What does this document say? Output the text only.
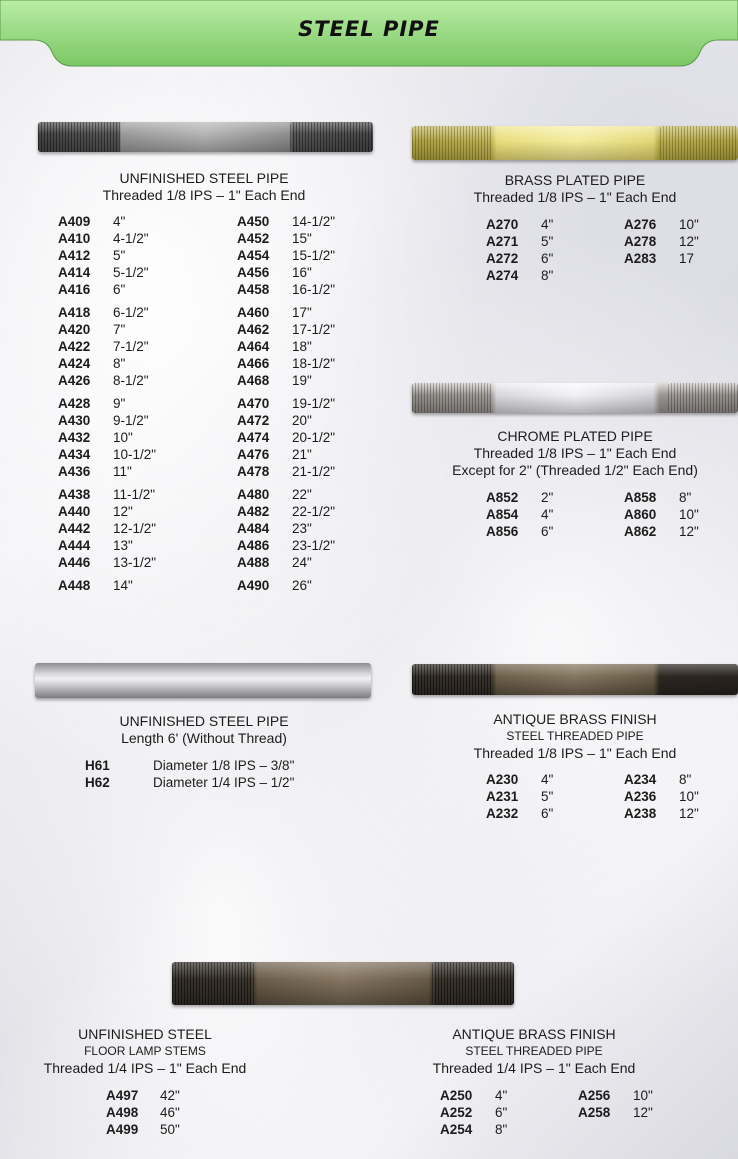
STEEL PIPE
UNFINISHED STEEL PIPE
Threaded 1/8 IPS – 1" Each End
A409	4"
A410	4-1/2"
A412	5"
A414	5-1/2"
A416	6"
A418	6-1/2"
A420	7"
A422	7-1/2"
A424	8"
A426	8-1/2"
A428	9"
A430	9-1/2"
A432	10"
A434	10-1/2"
A436	11"
A438	11-1/2"
A440	12"
A442	12-1/2"
A444	13"
A446	13-1/2"
A448	14"
A450	14-1/2"
A452	15"
A454	15-1/2"
A456	16"
A458	16-1/2"
A460	17"
A462	17-1/2"
A464	18"
A466	18-1/2"
A468	19"
A470	19-1/2"
A472	20"
A474	20-1/2"
A476	21"
A478	21-1/2"
A480	22"
A482	22-1/2"
A484	23"
A486	23-1/2"
A488	24"
A490	26"
BRASS PLATED PIPE
Threaded 1/8 IPS – 1" Each End
A270	4"
A271	5"
A272	6"
A274	8"
A276	10"
A278	12"
A283	17
CHROME PLATED PIPE
Threaded 1/8 IPS – 1" Each End
Except for 2" (Threaded 1/2" Each End)
A852	2"
A854	4"
A856	6"
A858	8"
A860	10"
A862	12"
UNFINISHED STEEL PIPE
Length 6' (Without Thread)
H61	Diameter 1/8 IPS – 3/8"
H62	Diameter 1/4 IPS – 1/2"
ANTIQUE BRASS FINISH
STEEL THREADED PIPE
Threaded 1/8 IPS – 1" Each End
A230	4"
A231	5"
A232	6"
A234	8"
A236	10"
A238	12"
UNFINISHED STEEL
FLOOR LAMP STEMS
Threaded 1/4 IPS – 1" Each End
A497	42"
A498	46"
A499	50"
ANTIQUE BRASS FINISH
STEEL THREADED PIPE
Threaded 1/4 IPS – 1" Each End
A250	4"
A252	6"
A254	8"
A256	10"
A258	12"
